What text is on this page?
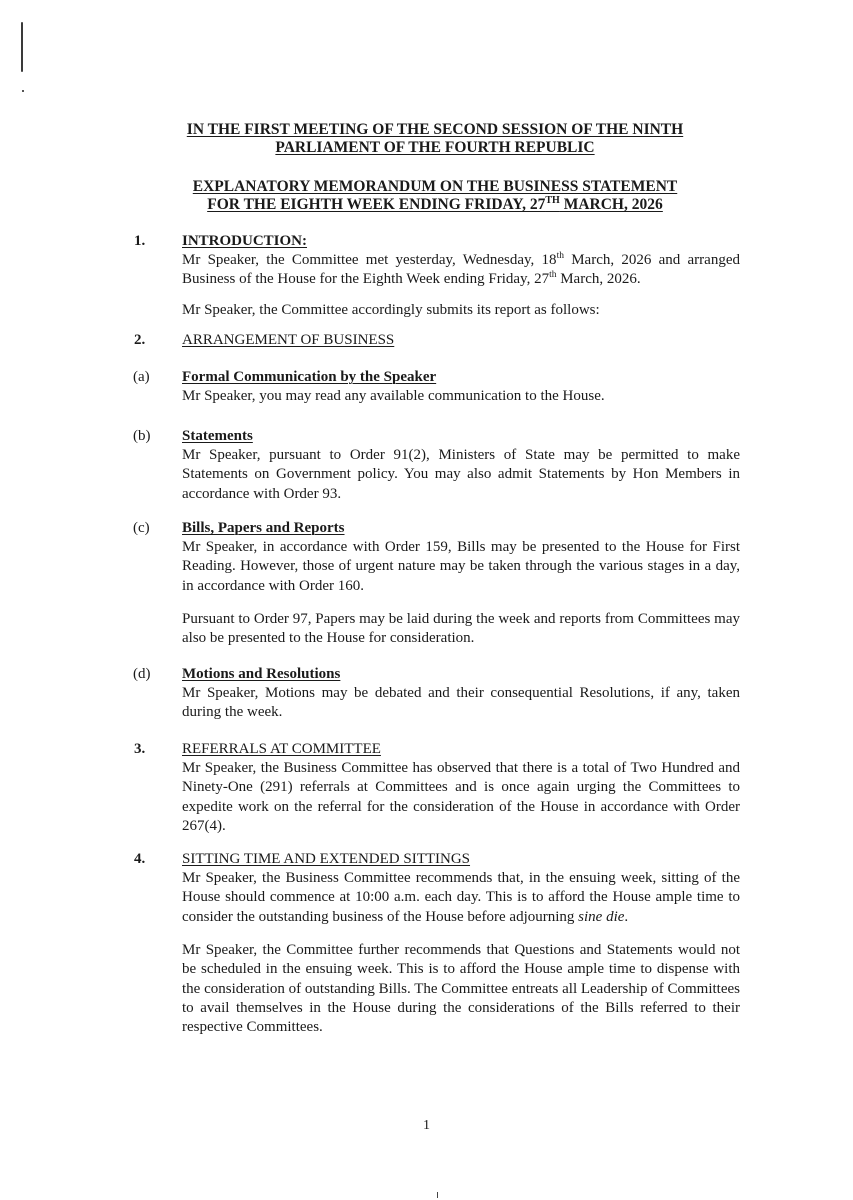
IN THE FIRST MEETING OF THE SECOND SESSION OF THE NINTH
PARLIAMENT OF THE FOURTH REPUBLIC
EXPLANATORY MEMORANDUM ON THE BUSINESS STATEMENT
FOR THE EIGHTH WEEK ENDING FRIDAY, 27TH MARCH, 2026
1. INTRODUCTION:
Mr Speaker, the Committee met yesterday, Wednesday, 18th March, 2026 and arranged Business of the House for the Eighth Week ending Friday, 27th March, 2026.
Mr Speaker, the Committee accordingly submits its report as follows:
2. ARRANGEMENT OF BUSINESS
(a) Formal Communication by the Speaker
Mr Speaker, you may read any available communication to the House.
(b) Statements
Mr Speaker, pursuant to Order 91(2), Ministers of State may be permitted to make Statements on Government policy. You may also admit Statements by Hon Members in accordance with Order 93.
(c) Bills, Papers and Reports
Mr Speaker, in accordance with Order 159, Bills may be presented to the House for First Reading. However, those of urgent nature may be taken through the various stages in a day, in accordance with Order 160.
Pursuant to Order 97, Papers may be laid during the week and reports from Committees may also be presented to the House for consideration.
(d) Motions and Resolutions
Mr Speaker, Motions may be debated and their consequential Resolutions, if any, taken during the week.
3. REFERRALS AT COMMITTEE
Mr Speaker, the Business Committee has observed that there is a total of Two Hundred and Ninety-One (291) referrals at Committees and is once again urging the Committees to expedite work on the referral for the consideration of the House in accordance with Order 267(4).
4. SITTING TIME AND EXTENDED SITTINGS
Mr Speaker, the Business Committee recommends that, in the ensuing week, sitting of the House should commence at 10:00 a.m. each day. This is to afford the House ample time to consider the outstanding business of the House before adjourning sine die.
Mr Speaker, the Committee further recommends that Questions and Statements would not be scheduled in the ensuing week. This is to afford the House ample time to dispense with the consideration of outstanding Bills. The Committee entreats all Leadership of Committees to avail themselves in the House during the considerations of the Bills referred to their respective Committees.
1
